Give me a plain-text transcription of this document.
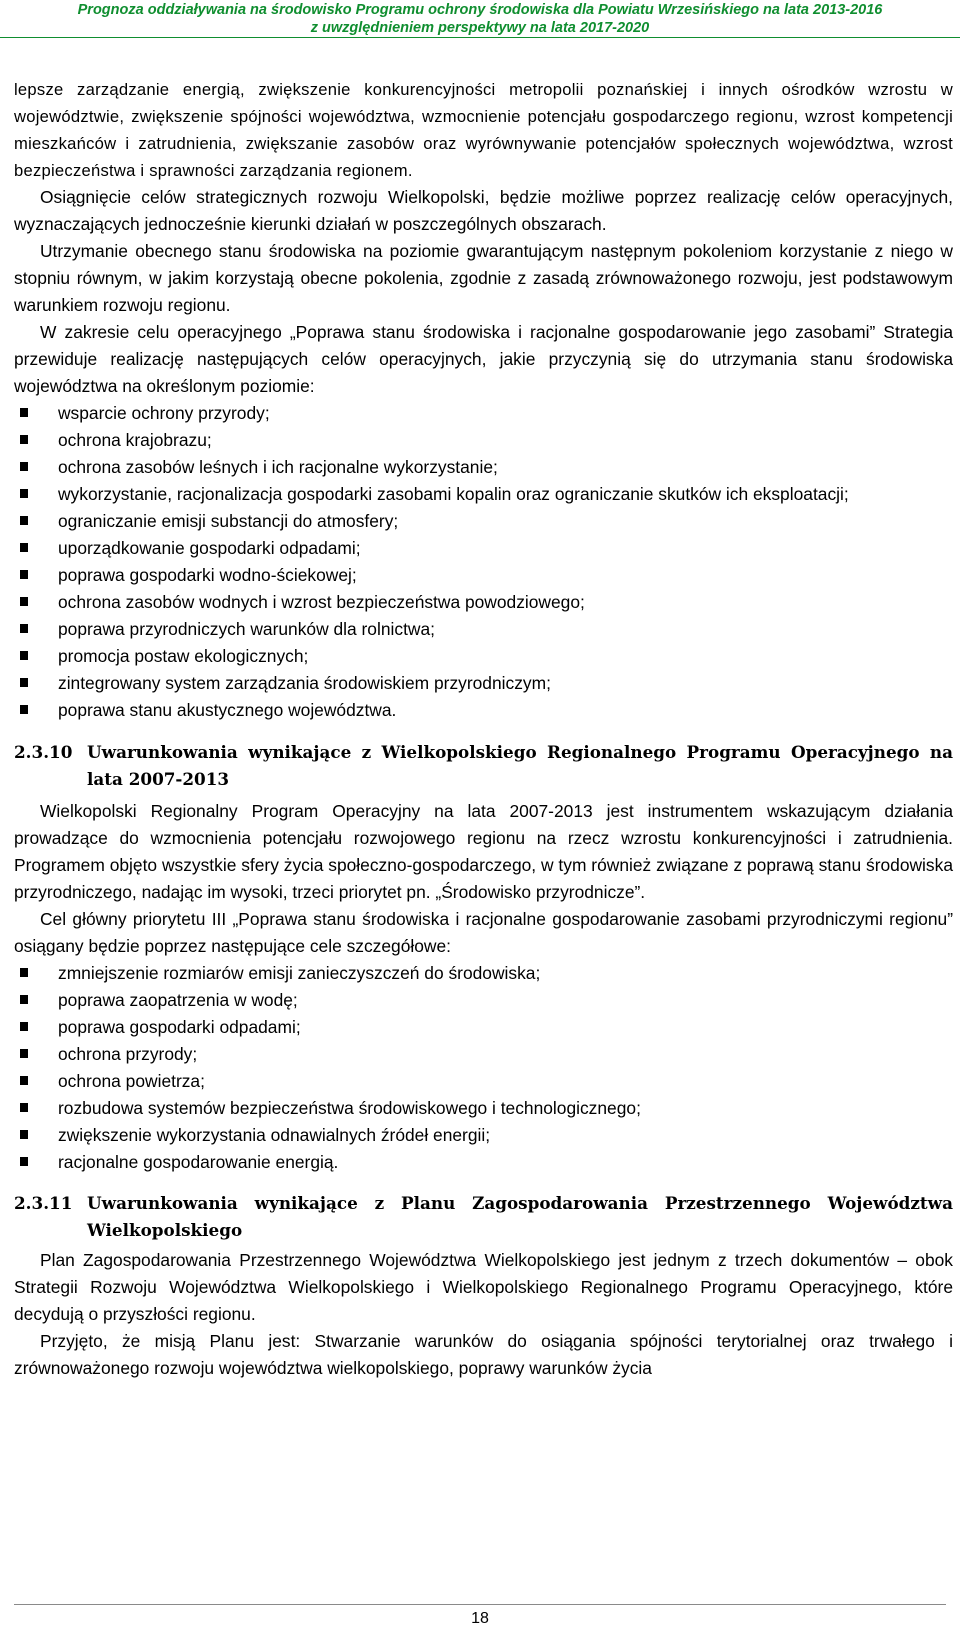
Prognoza oddziaływania na środowisko Programu ochrony środowiska dla Powiatu Wrzesińskiego na lata 2013-2016
z uwzględnieniem perspektywy na lata 2017-2020

lepsze zarządzanie energią, zwiększenie konkurencyjności metropolii poznańskiej i innych ośrodków wzrostu w województwie, zwiększenie spójności województwa, wzmocnienie potencjału gospodarczego regionu, wzrost kompetencji mieszkańców i zatrudnienia, zwiększanie zasobów oraz wyrównywanie potencjałów społecznych województwa, wzrost bezpieczeństwa i sprawności zarządzania regionem.

Osiągnięcie celów strategicznych rozwoju Wielkopolski, będzie możliwe poprzez realizację celów operacyjnych, wyznaczających jednocześnie kierunki działań w poszczególnych obszarach.

Utrzymanie obecnego stanu środowiska na poziomie gwarantującym następnym pokoleniom korzystanie z niego w stopniu równym, w jakim korzystają obecne pokolenia, zgodnie z zasadą zrównoważonego rozwoju, jest podstawowym warunkiem rozwoju regionu.

W zakresie celu operacyjnego „Poprawa stanu środowiska i racjonalne gospodarowanie jego zasobami” Strategia przewiduje realizację następujących celów operacyjnych, jakie przyczynią się do utrzymania stanu środowiska województwa na określonym poziomie:

wsparcie ochrony przyrody;
ochrona krajobrazu;
ochrona zasobów leśnych i ich racjonalne wykorzystanie;
wykorzystanie, racjonalizacja gospodarki zasobami kopalin oraz ograniczanie skutków ich eksploatacji;
ograniczanie emisji substancji do atmosfery;
uporządkowanie gospodarki odpadami;
poprawa gospodarki wodno-ściekowej;
ochrona zasobów wodnych i wzrost bezpieczeństwa powodziowego;
poprawa przyrodniczych warunków dla rolnictwa;
promocja postaw ekologicznych;
zintegrowany system zarządzania środowiskiem przyrodniczym;
poprawa stanu akustycznego województwa.
2.3.10 Uwarunkowania wynikające z Wielkopolskiego Regionalnego Programu Operacyjnego na lata 2007-2013

Wielkopolski Regionalny Program Operacyjny na lata 2007-2013 jest instrumentem wskazującym działania prowadzące do wzmocnienia potencjału rozwojowego regionu na rzecz wzrostu konkurencyjności i zatrudnienia. Programem objęto wszystkie sfery życia społeczno-gospodarczego, w tym również związane z poprawą stanu środowiska przyrodniczego, nadając im wysoki, trzeci priorytet pn. „Środowisko przyrodnicze”.

Cel główny priorytetu III „Poprawa stanu środowiska i racjonalne gospodarowanie zasobami przyrodniczymi regionu” osiągany będzie poprzez następujące cele szczegółowe:

zmniejszenie rozmiarów emisji zanieczyszczeń do środowiska;
poprawa zaopatrzenia w wodę;
poprawa gospodarki odpadami;
ochrona przyrody;
ochrona powietrza;
rozbudowa systemów bezpieczeństwa środowiskowego i technologicznego;
zwiększenie wykorzystania odnawialnych źródeł energii;
racjonalne gospodarowanie energią.
2.3.11 Uwarunkowania wynikające z Planu Zagospodarowania Przestrzennego Województwa Wielkopolskiego

Plan Zagospodarowania Przestrzennego Województwa Wielkopolskiego jest jednym z trzech dokumentów – obok Strategii Rozwoju Województwa Wielkopolskiego i Wielkopolskiego Regionalnego Programu Operacyjnego, które decydują o przyszłości regionu.

Przyjęto, że misją Planu jest: Stwarzanie warunków do osiągania spójności terytorialnej oraz trwałego i zrównoważonego rozwoju województwa wielkopolskiego, poprawy warunków życia

18
